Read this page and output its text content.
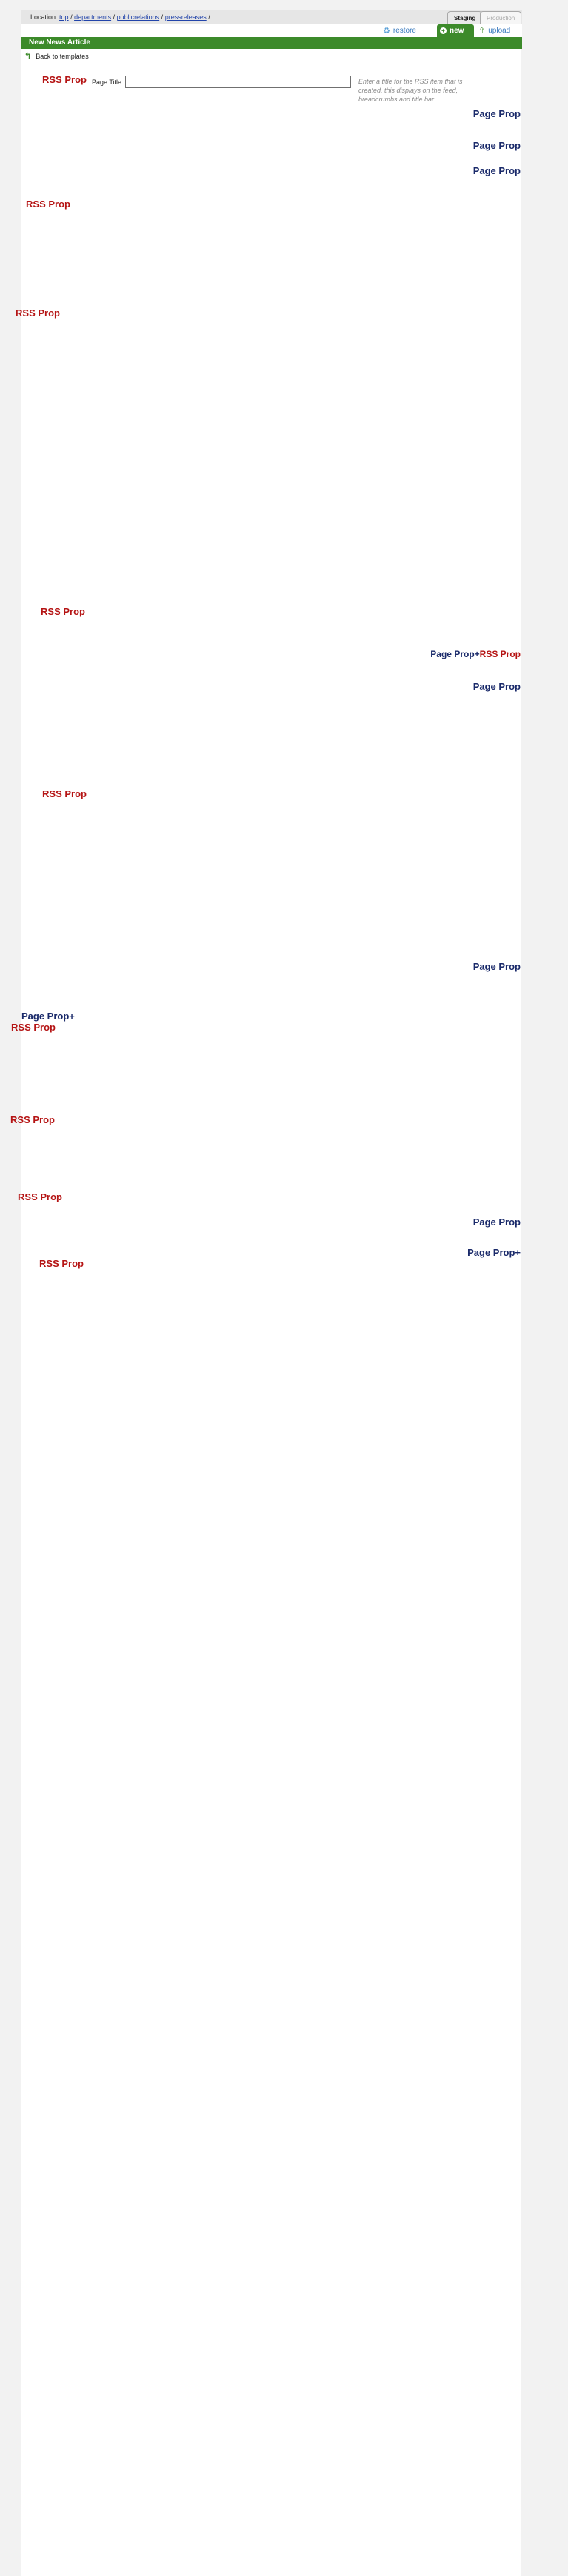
Location: top / departments / publicrelations / pressreleases /	Staging	Production
♻ restore	+ new ⇧ upload
New News Article
↰ Back to templates
Page Title	Enter a title for the RSS item that is created, this displays on the feed, breadcrumbs and title bar.
RSS Prop
Page Prop
Page Prop
Page Prop
RSS Prop
RSS Prop
RSS Prop
Page Prop+RSS Prop
Page Prop
RSS Prop
Page Prop
Page Prop+
RSS Prop
RSS Prop
RSS Prop
Page Prop
Page Prop+
RSS Prop
